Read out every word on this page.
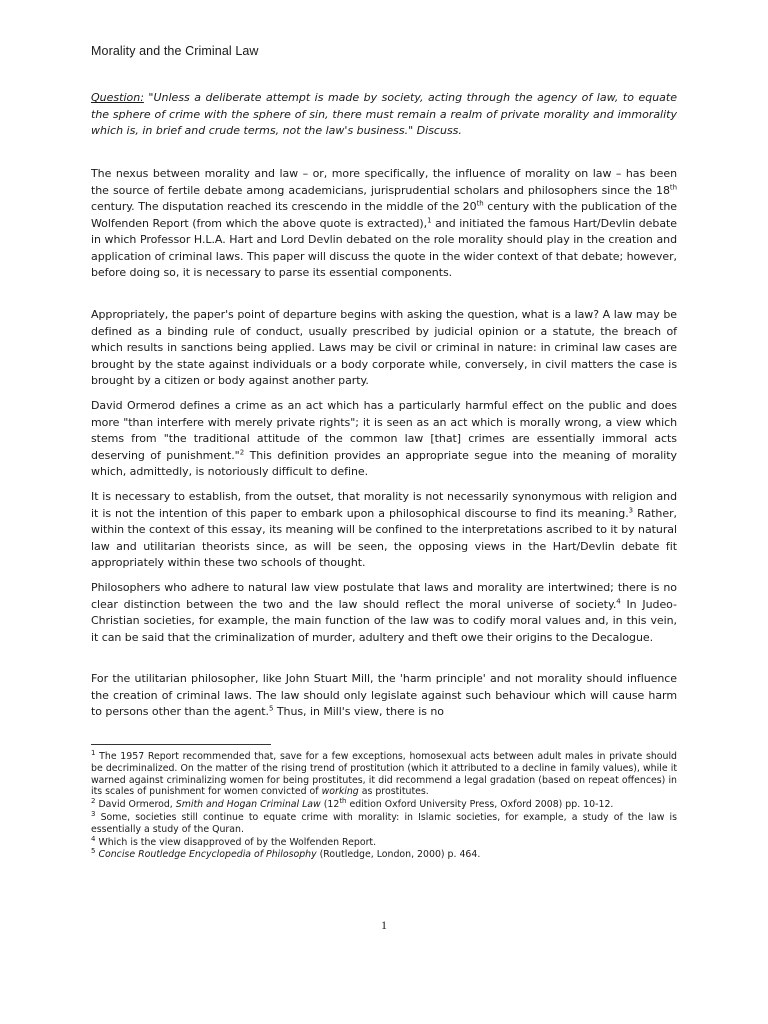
Morality and the Criminal Law

Question: "Unless a deliberate attempt is made by society, acting through the agency of law, to equate the sphere of crime with the sphere of sin, there must remain a realm of private morality and immorality which is, in brief and crude terms, not the law's business." Discuss.

The nexus between morality and law – or, more specifically, the influence of morality on law – has been the source of fertile debate among academicians, jurisprudential scholars and philosophers since the 18th century. The disputation reached its crescendo in the middle of the 20th century with the publication of the Wolfenden Report (from which the above quote is extracted),$^1$ and initiated the famous Hart/Devlin debate in which Professor H.L.A. Hart and Lord Devlin debated on the role morality should play in the creation and application of criminal laws. This paper will discuss the quote in the wider context of that debate; however, before doing so, it is necessary to parse its essential components.

Appropriately, the paper's point of departure begins with asking the question, what is a law? A law may be defined as a binding rule of conduct, usually prescribed by judicial opinion or a statute, the breach of which results in sanctions being applied. Laws may be civil or criminal in nature: in criminal law cases are brought by the state against individuals or a body corporate while, conversely, in civil matters the case is brought by a citizen or body against another party.

David Ormerod defines a crime as an act which has a particularly harmful effect on the public and does more "than interfere with merely private rights"; it is seen as an act which is morally wrong, a view which stems from "the traditional attitude of the common law [that] crimes are essentially immoral acts deserving of punishment."$^2$ This definition provides an appropriate segue into the meaning of morality which, admittedly, is notoriously difficult to define.

It is necessary to establish, from the outset, that morality is not necessarily synonymous with religion and it is not the intention of this paper to embark upon a philosophical discourse to find its meaning.$^3$ Rather, within the context of this essay, its meaning will be confined to the interpretations ascribed to it by natural law and utilitarian theorists since, as will be seen, the opposing views in the Hart/Devlin debate fit appropriately within these two schools of thought.

Philosophers who adhere to natural law view postulate that laws and morality are intertwined; there is no clear distinction between the two and the law should reflect the moral universe of society.$^4$ In Judeo-Christian societies, for example, the main function of the law was to codify moral values and, in this vein, it can be said that the criminalization of murder, adultery and theft owe their origins to the Decalogue.

For the utilitarian philosopher, like John Stuart Mill, the 'harm principle' and not morality should influence the creation of criminal laws. The law should only legislate against such behaviour which will cause harm to persons other than the agent.$^5$ Thus, in Mill's view, there is no

$^1$ The 1957 Report recommended that, save for a few exceptions, homosexual acts between adult males in private should be decriminalized. On the matter of the rising trend of prostitution (which it attributed to a decline in family values), while it warned against criminalizing women for being prostitutes, it did recommend a legal gradation (based on repeat offences) in its scales of punishment for women convicted of working as prostitutes.

$^2$ David Ormerod, Smith and Hogan Criminal Law (12th edition Oxford University Press, Oxford 2008) pp. 10-12.

$^3$ Some, societies still continue to equate crime with morality: in Islamic societies, for example, a study of the law is essentially a study of the Quran.

$^4$ Which is the view disapproved of by the Wolfenden Report.

$^5$ Concise Routledge Encyclopedia of Philosophy (Routledge, London, 2000) p. 464.

1
